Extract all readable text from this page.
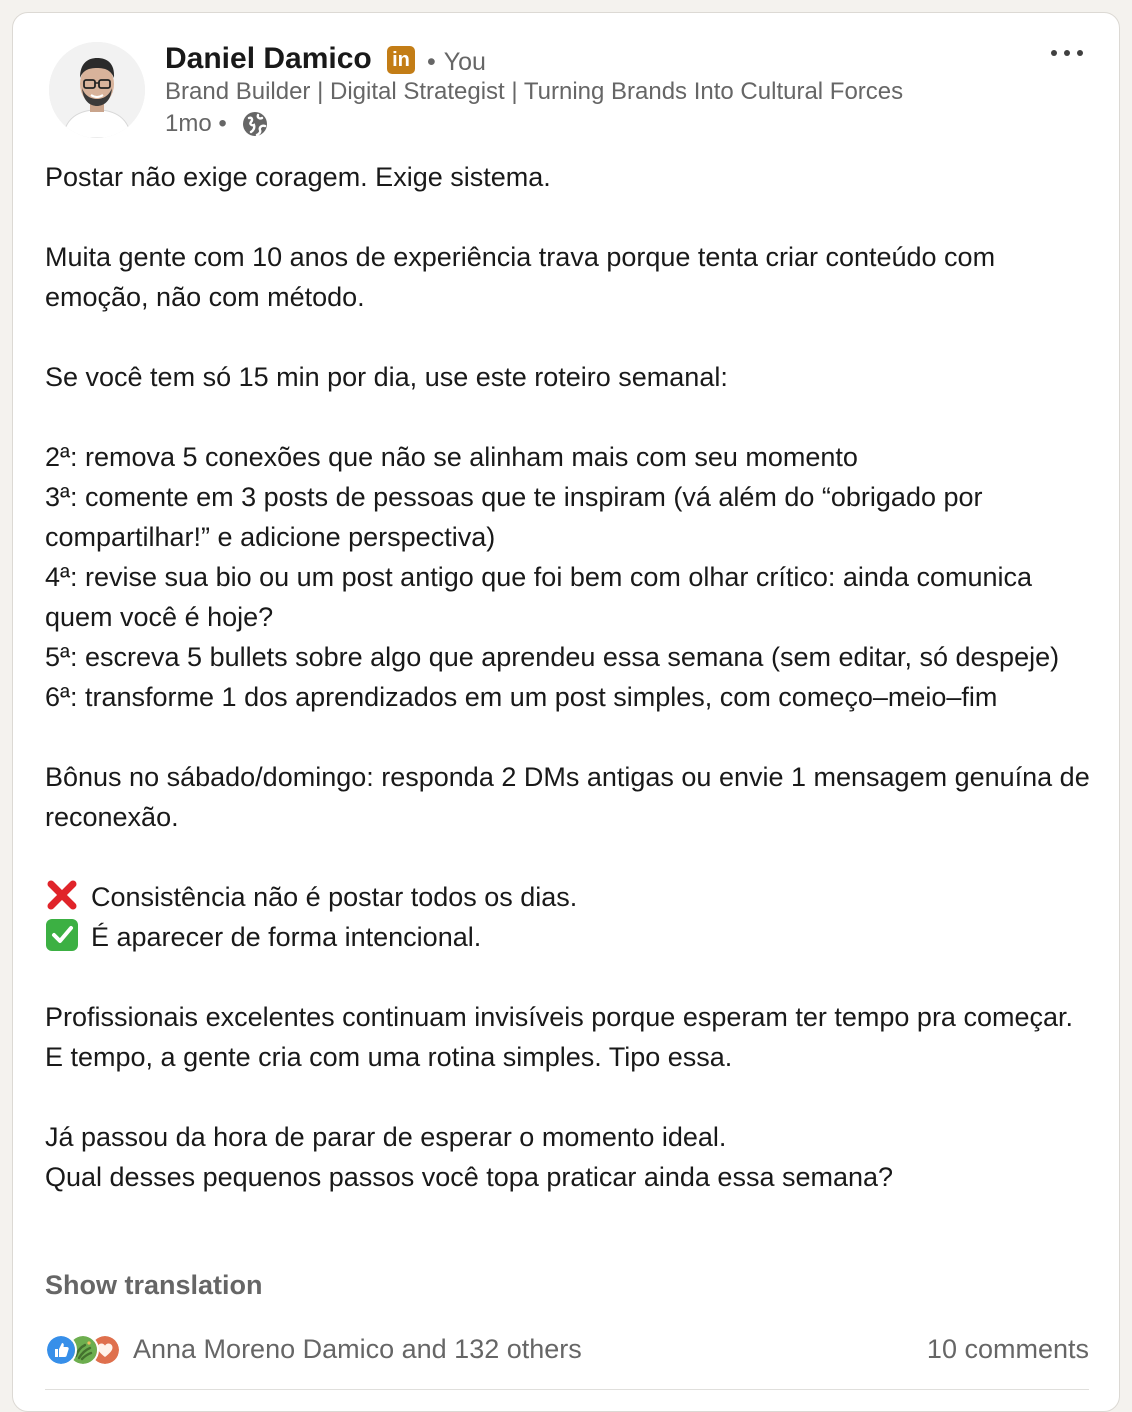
Daniel Damico in • You
Brand Builder | Digital Strategist | Turning Brands Into Cultural Forces
1mo •

Postar não exige coragem. Exige sistema.

Muita gente com 10 anos de experiência trava porque tenta criar conteúdo com emoção, não com método.

Se você tem só 15 min por dia, use este roteiro semanal:

2ª: remova 5 conexões que não se alinham mais com seu momento

3ª: comente em 3 posts de pessoas que te inspiram (vá além do “obrigado por compartilhar!” e adicione perspectiva)

4ª: revise sua bio ou um post antigo que foi bem com olhar crítico: ainda comunica quem você é hoje?

5ª: escreva 5 bullets sobre algo que aprendeu essa semana (sem editar, só despeje)

6ª: transforme 1 dos aprendizados em um post simples, com começo–meio–fim

Bônus no sábado/domingo: responda 2 DMs antigas ou envie 1 mensagem genuína de reconexão.

Consistência não é postar todos os dias.

É aparecer de forma intencional.

Profissionais excelentes continuam invisíveis porque esperam ter tempo pra começar. E tempo, a gente cria com uma rotina simples. Tipo essa.

Já passou da hora de parar de esperar o momento ideal.

Qual desses pequenos passos você topa praticar ainda essa semana?

Show translation
Anna Moreno Damico and 132 others	10 comments
